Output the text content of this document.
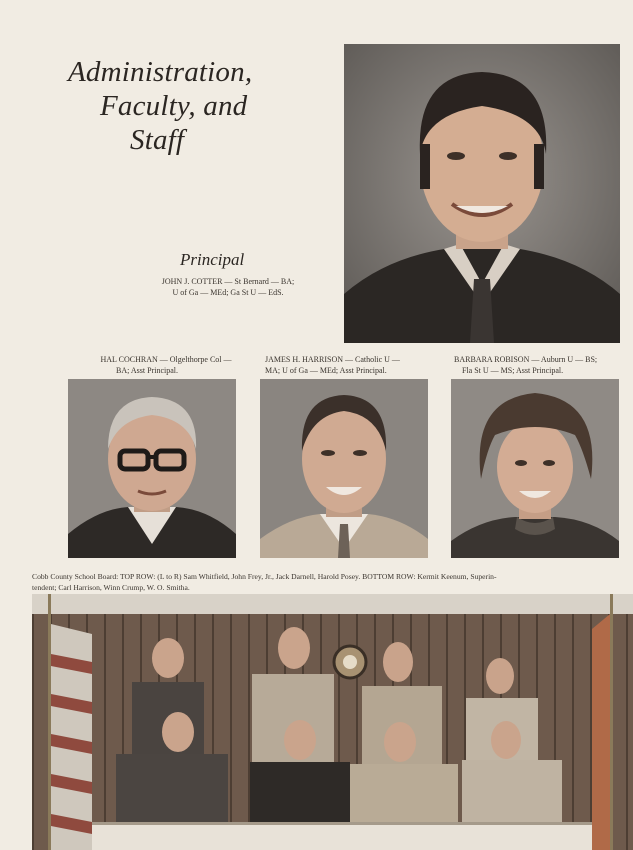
Administration,
Faculty, and
Staff
Principal
JOHN J. COTTER — St Bernard — BA;
U of Ga — MEd; Ga St U — EdS.
HAL COCHRAN — Olgelthorpe Col —
BA; Asst Principal.
JAMES H. HARRISON — Catholic U —
MA; U of Ga — MEd; Asst Principal.
BARBARA ROBISON — Auburn U — BS;
Fla St U — MS; Asst Principal.
Cobb County School Board: TOP ROW: (L to R) Sam Whitfield, John Frey, Jr., Jack Darnell, Harold Posey. BOTTOM ROW: Kermit Keenum, Superin-
tendent; Carl Harrison, Winn Crump, W. O. Smitha.
